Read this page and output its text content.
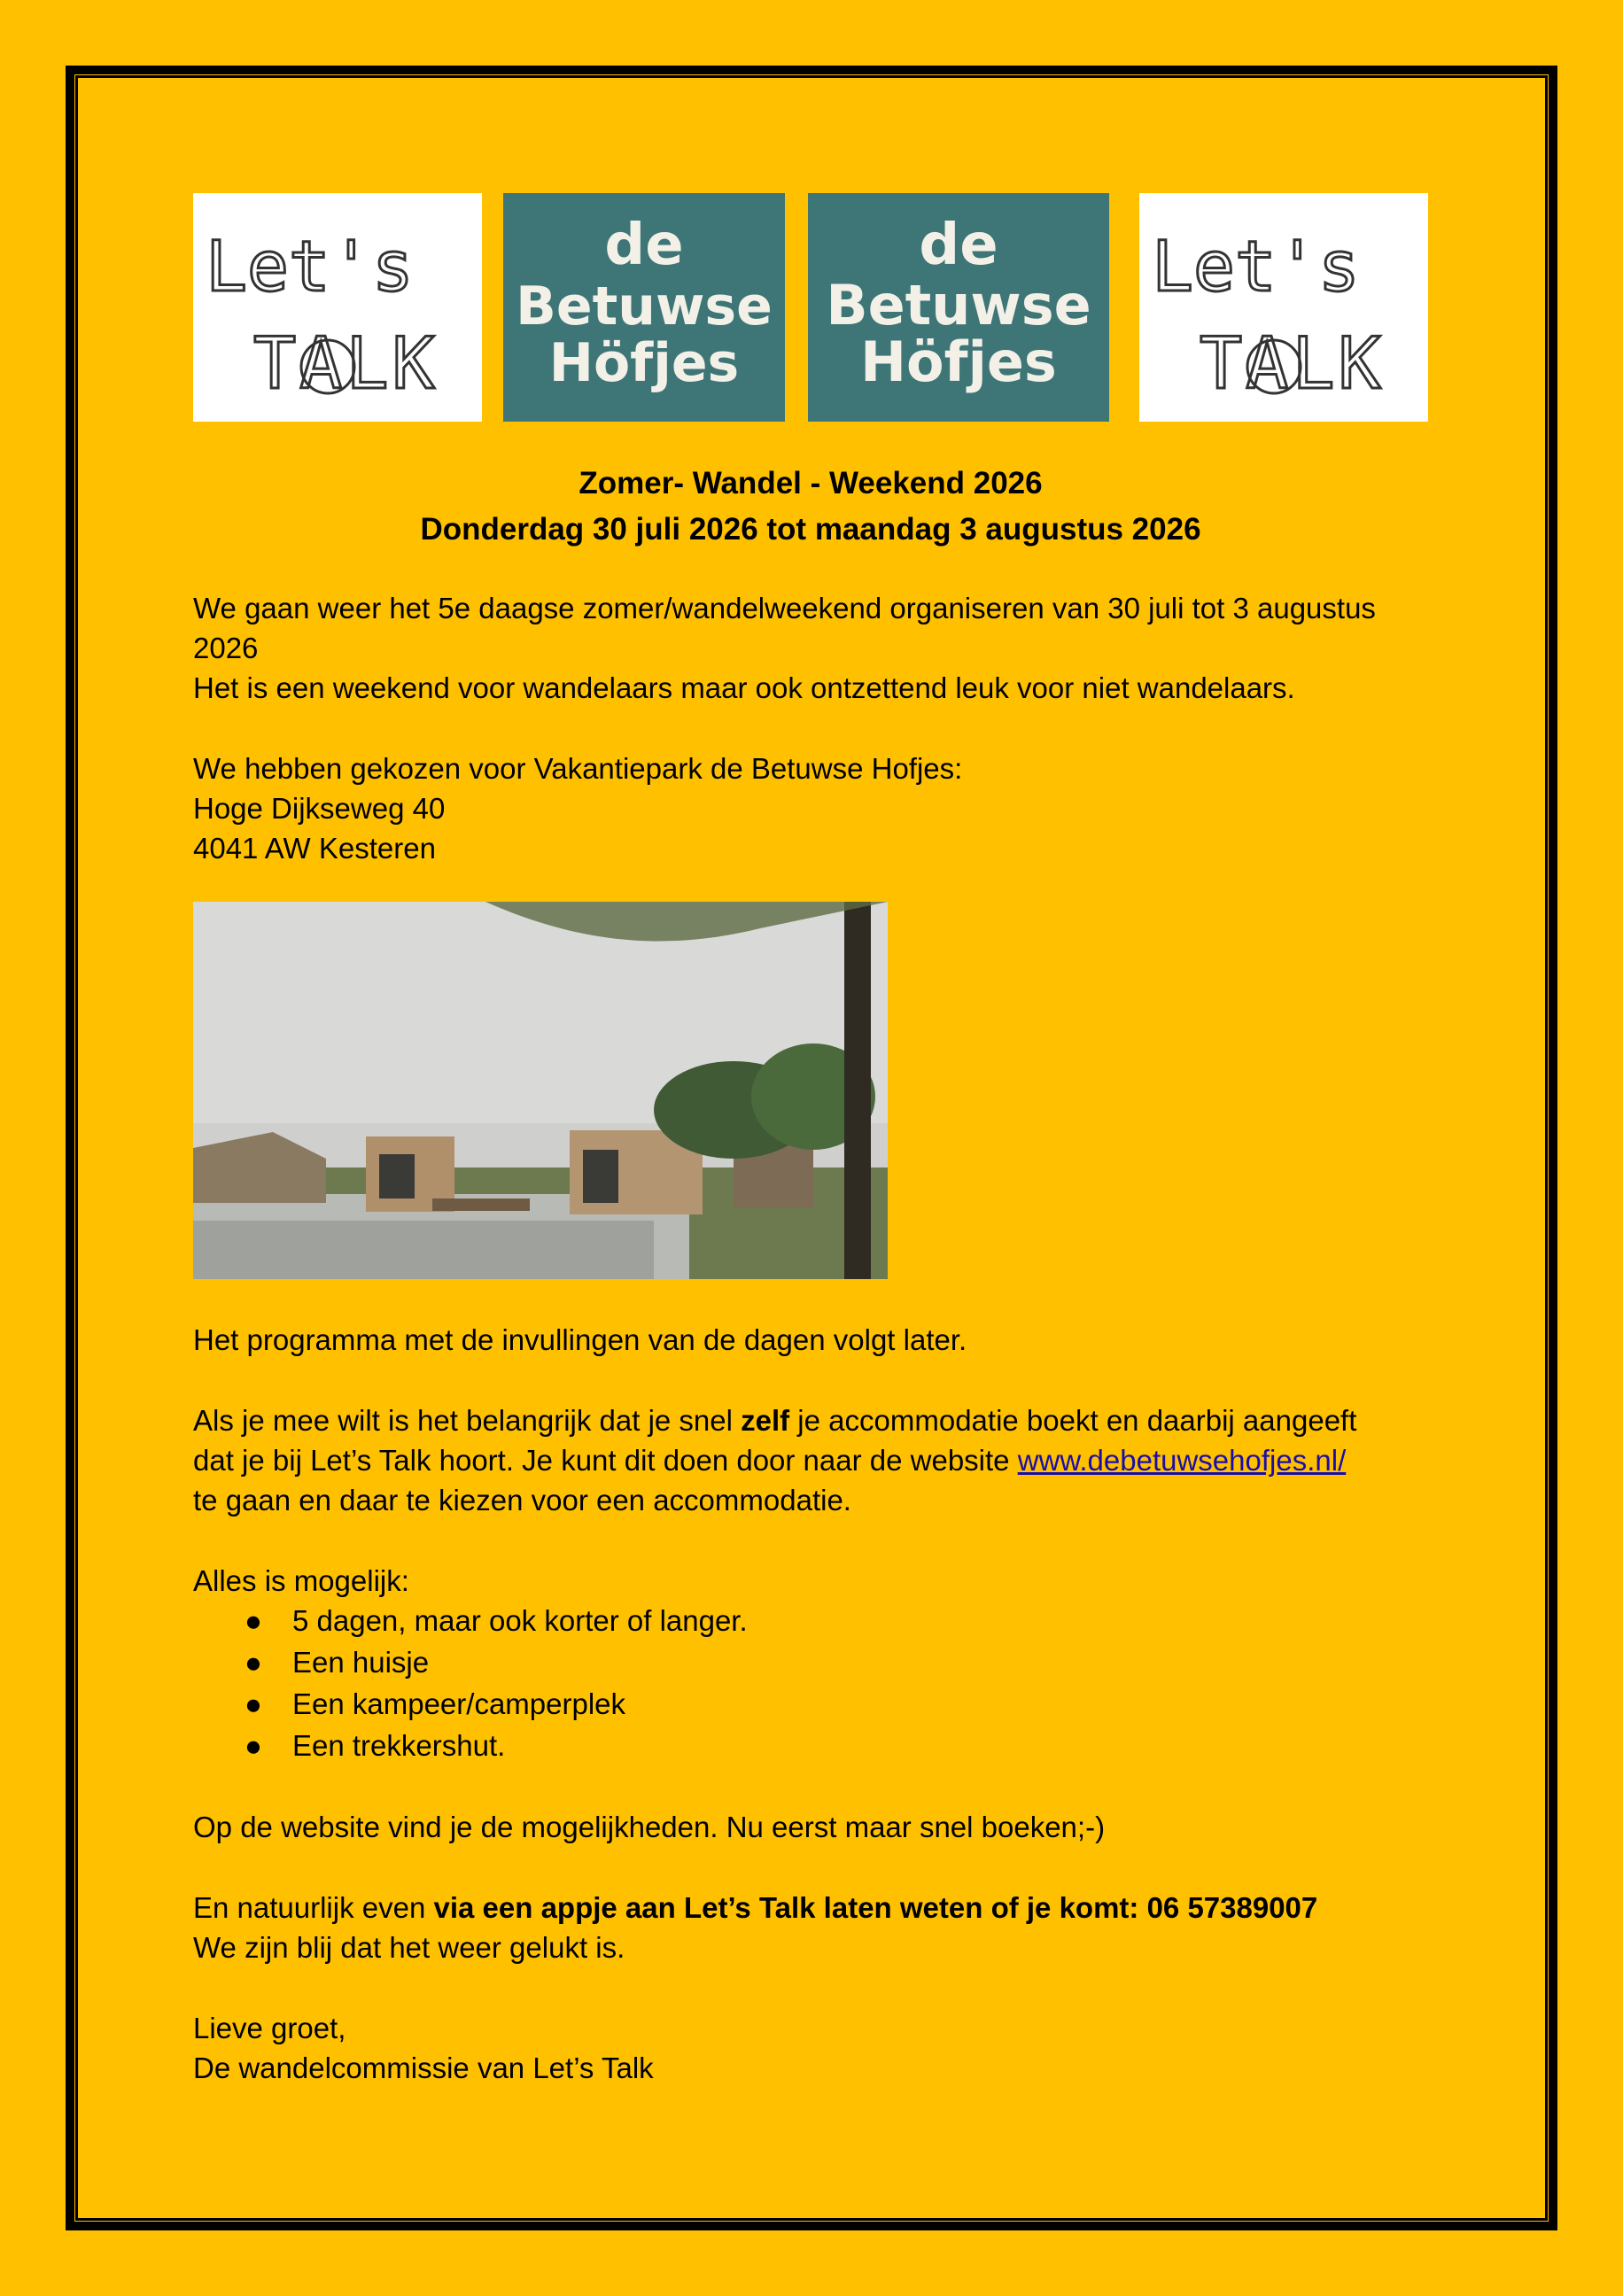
Let's
TALK
de
Betuwse
Höfjes
de
Betuwse
Höfjes
Let's
TALK
Zomer- Wandel - Weekend 2026
Donderdag 30 juli 2026 tot maandag 3 augustus 2026
We gaan weer het 5e daagse zomer/wandelweekend organiseren van 30 juli tot 3 augustus
2026
Het is een weekend voor wandelaars maar ook ontzettend leuk voor niet wandelaars.
We hebben gekozen voor Vakantiepark de Betuwse Hofjes:
Hoge Dijkseweg 40
4041 AW Kesteren
Het programma met de invullingen van de dagen volgt later.
Als je mee wilt is het belangrijk dat je snel zelf je accommodatie boekt en daarbij aangeeft
dat je bij Let’s Talk hoort. Je kunt dit doen door naar de website www.debetuwsehofjes.nl/
te gaan en daar te kiezen voor een accommodatie.
Alles is mogelijk:
● 5 dagen, maar ook korter of langer.
● Een huisje
● Een kampeer/camperplek
● Een trekkershut.
Op de website vind je de mogelijkheden. Nu eerst maar snel boeken;-)
En natuurlijk even via een appje aan Let’s Talk laten weten of je komt: 06 57389007
We zijn blij dat het weer gelukt is.
Lieve groet,
De wandelcommissie van Let’s Talk
